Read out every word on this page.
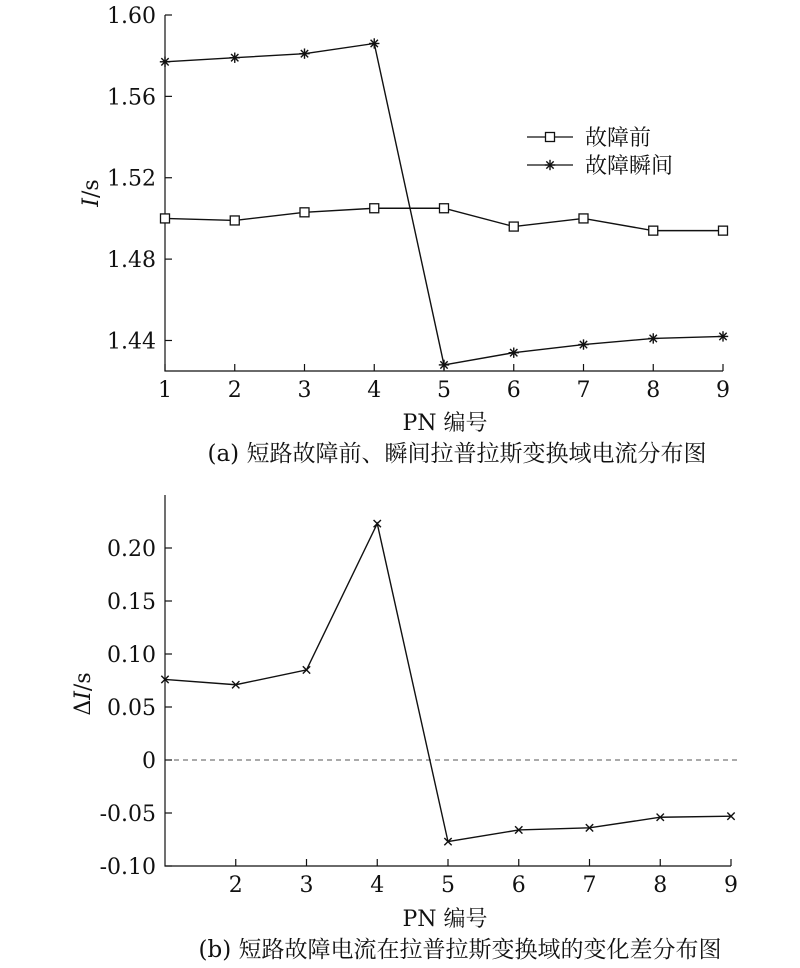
1	2	3	4	5	6	7	8	9
1.44
1.48
1.52
1.56
1.60
故障前
故障瞬间
I/s
PN 编号
(a) 短路故障前、瞬间拉普拉斯变换域电流分布图
2	3	4	5	6	7	8	9
-0.10
-0.05
0
0.05
0.10
0.15
0.20
ΔI/s
PN 编号
(b) 短路故障电流在拉普拉斯变换域的变化差分布图
